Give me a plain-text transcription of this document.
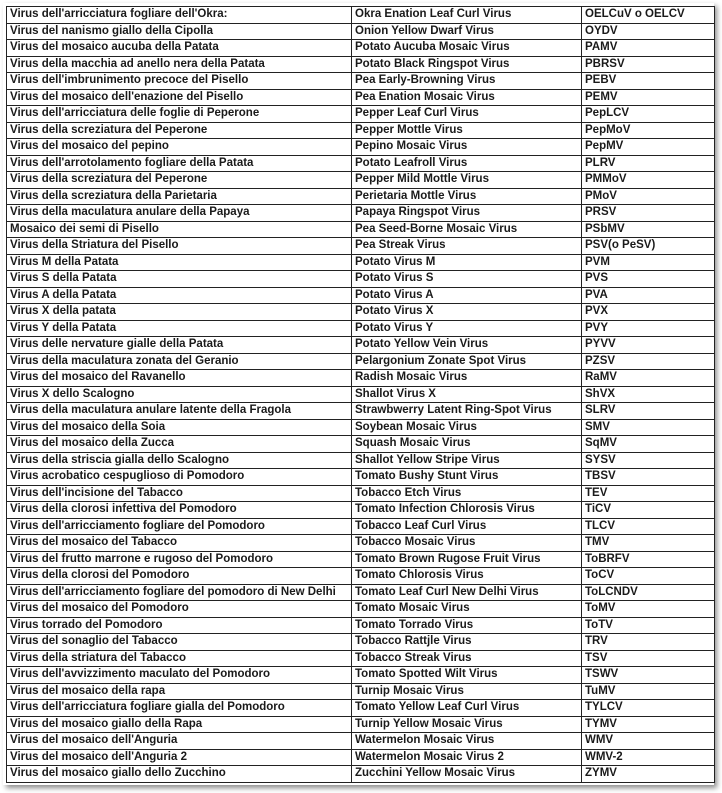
Virus dell'arricciatura fogliare dell'Okra:	Okra Enation Leaf Curl Virus	OELCuV o OELCV
Virus del nanismo giallo della Cipolla	Onion Yellow Dwarf Virus	OYDV
Virus del mosaico aucuba della Patata	Potato Aucuba Mosaic Virus	PAMV
Virus della macchia ad anello nera della Patata	Potato Black Ringspot Virus	PBRSV
Virus dell'imbrunimento precoce del Pisello	Pea Early-Browning Virus	PEBV
Virus del mosaico dell'enazione del Pisello	Pea Enation Mosaic Virus	PEMV
Virus dell'arricciatura delle foglie di Peperone	Pepper Leaf Curl Virus	PepLCV
Virus della screziatura del Peperone	Pepper Mottle Virus	PepMoV
Virus del mosaico del pepino	Pepino Mosaic Virus	PepMV
Virus dell'arrotolamento fogliare della Patata	Potato Leafroll Virus	PLRV
Virus della screziatura del Peperone	Pepper Mild Mottle Virus	PMMoV
Virus della screziatura della Parietaria	Perietaria Mottle Virus	PMoV
Virus della maculatura anulare della Papaya	Papaya Ringspot Virus	PRSV
Mosaico dei semi di Pisello	Pea Seed-Borne Mosaic Virus	PSbMV
Virus della Striatura del Pisello	Pea Streak Virus	PSV(o PeSV)
Virus M della Patata	Potato Virus M	PVM
Virus S della Patata	Potato Virus S	PVS
Virus A della Patata	Potato Virus A	PVA
Virus X della patata	Potato Virus X	PVX
Virus Y della Patata	Potato Virus Y	PVY
Virus delle nervature gialle della Patata	Potato Yellow Vein Virus	PYVV
Virus della maculatura zonata del Geranio	Pelargonium Zonate Spot Virus	PZSV
Virus del mosaico del Ravanello	Radish Mosaic Virus	RaMV
Virus X dello Scalogno	Shallot Virus X	ShVX
Virus della maculatura anulare latente della Fragola	Strawbwerry Latent Ring-Spot Virus	SLRV
Virus del mosaico della Soia	Soybean Mosaic Virus	SMV
Virus del mosaico della Zucca	Squash Mosaic Virus	SqMV
Virus della striscia gialla dello Scalogno	Shallot Yellow Stripe Virus	SYSV
Virus acrobatico cespuglioso di Pomodoro	Tomato Bushy Stunt Virus	TBSV
Virus dell'incisione del Tabacco	Tobacco Etch Virus	TEV
Virus della clorosi infettiva del Pomodoro	Tomato Infection Chlorosis Virus	TiCV
Virus dell'arricciamento fogliare del Pomodoro	Tobacco Leaf Curl Virus	TLCV
Virus del mosaico del Tabacco	Tobacco Mosaic Virus	TMV
Virus del frutto marrone e rugoso del Pomodoro	Tomato Brown Rugose Fruit Virus	ToBRFV
Virus della clorosi del Pomodoro	Tomato Chlorosis Virus	ToCV
Virus dell'arricciamento fogliare del pomodoro di New Delhi	Tomato Leaf Curl New Delhi Virus	ToLCNDV
Virus del mosaico del Pomodoro	Tomato Mosaic Virus	ToMV
Virus torrado del Pomodoro	Tomato Torrado Virus	ToTV
Virus del sonaglio del Tabacco	Tobacco Rattjle Virus	TRV
Virus della striatura del Tabacco	Tobacco Streak Virus	TSV
Virus dell'avvizzimento maculato del Pomodoro	Tomato Spotted Wilt Virus	TSWV
Virus del mosaico della rapa	Turnip Mosaic Virus	TuMV
Virus dell'arricciatura fogliare gialla del Pomodoro	Tomato Yellow Leaf Curl Virus	TYLCV
Virus del mosaico giallo della Rapa	Turnip Yellow Mosaic Virus	TYMV
Virus del mosaico dell'Anguria	Watermelon Mosaic Virus	WMV
Virus del mosaico dell'Anguria 2	Watermelon Mosaic Virus 2	WMV-2
Virus del mosaico giallo dello Zucchino	Zucchini Yellow Mosaic Virus	ZYMV
